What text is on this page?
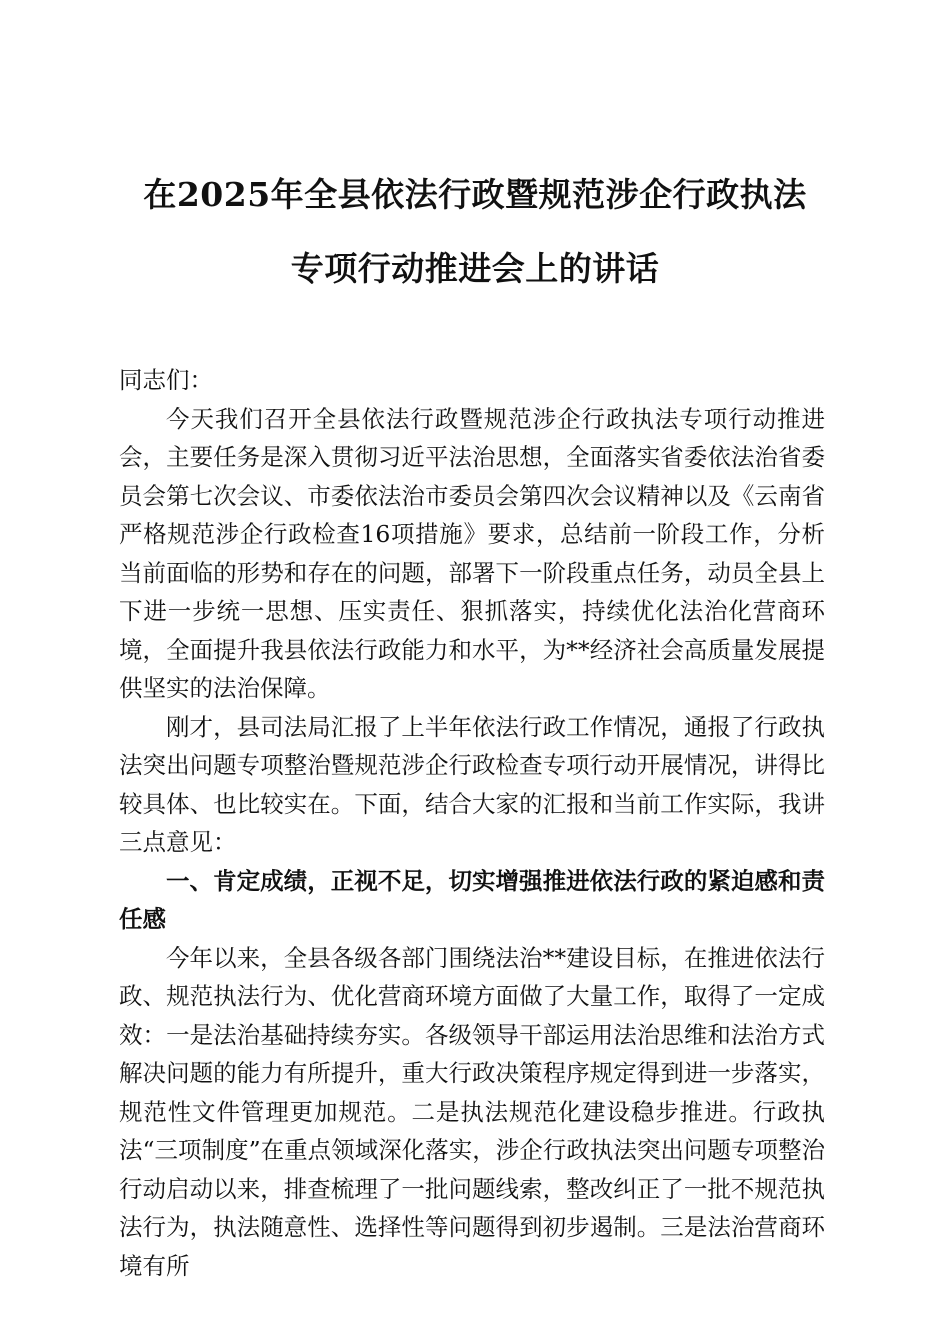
在2025年全县依法行政暨规范涉企行政执法
专项行动推进会上的讲话

同志们：

今天我们召开全县依法行政暨规范涉企行政执法专项行动推进会，主要任务是深入贯彻习近平法治思想，全面落实省委依法治省委员会第七次会议、市委依法治市委员会第四次会议精神以及《云南省严格规范涉企行政检查16项措施》要求，总结前一阶段工作，分析当前面临的形势和存在的问题，部署下一阶段重点任务，动员全县上下进一步统一思想、压实责任、狠抓落实，持续优化法治化营商环境，全面提升我县依法行政能力和水平，为**经济社会高质量发展提供坚实的法治保障。

刚才，县司法局汇报了上半年依法行政工作情况，通报了行政执法突出问题专项整治暨规范涉企行政检查专项行动开展情况，讲得比较具体、也比较实在。下面，结合大家的汇报和当前工作实际，我讲三点意见：

一、肯定成绩，正视不足，切实增强推进依法行政的紧迫感和责任感

今年以来，全县各级各部门围绕法治**建设目标，在推进依法行政、规范执法行为、优化营商环境方面做了大量工作，取得了一定成效：一是法治基础持续夯实。各级领导干部运用法治思维和法治方式解决问题的能力有所提升，重大行政决策程序规定得到进一步落实，规范性文件管理更加规范。二是执法规范化建设稳步推进。行政执法“三项制度”在重点领域深化落实，涉企行政执法突出问题专项整治行动启动以来，排查梳理了一批问题线索，整改纠正了一批不规范执法行为，执法随意性、选择性等问题得到初步遏制。三是法治营商环境有所
